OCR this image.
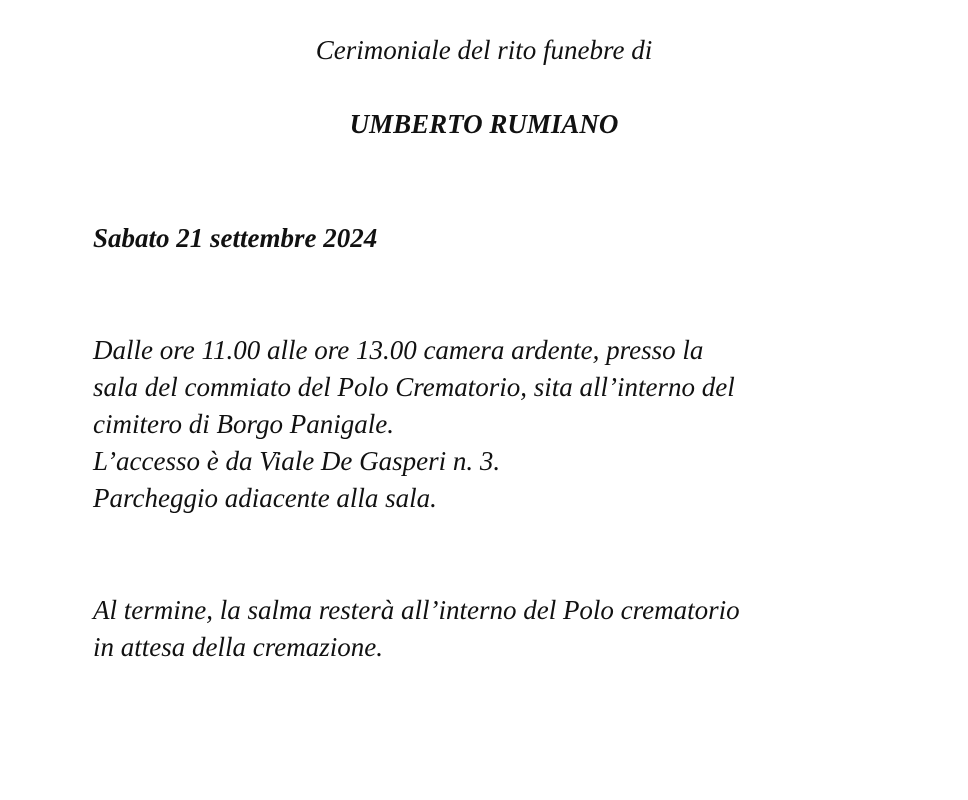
Cerimoniale del rito funebre di

UMBERTO RUMIANO

Sabato 21 settembre 2024

Dalle ore 11.00 alle ore 13.00 camera ardente, presso la
sala del commiato del Polo Crematorio, sita all’interno del
cimitero di Borgo Panigale.
L’accesso è da Viale De Gasperi n. 3.
Parcheggio adiacente alla sala.

Al termine, la salma resterà all’interno del Polo crematorio
in attesa della cremazione.
